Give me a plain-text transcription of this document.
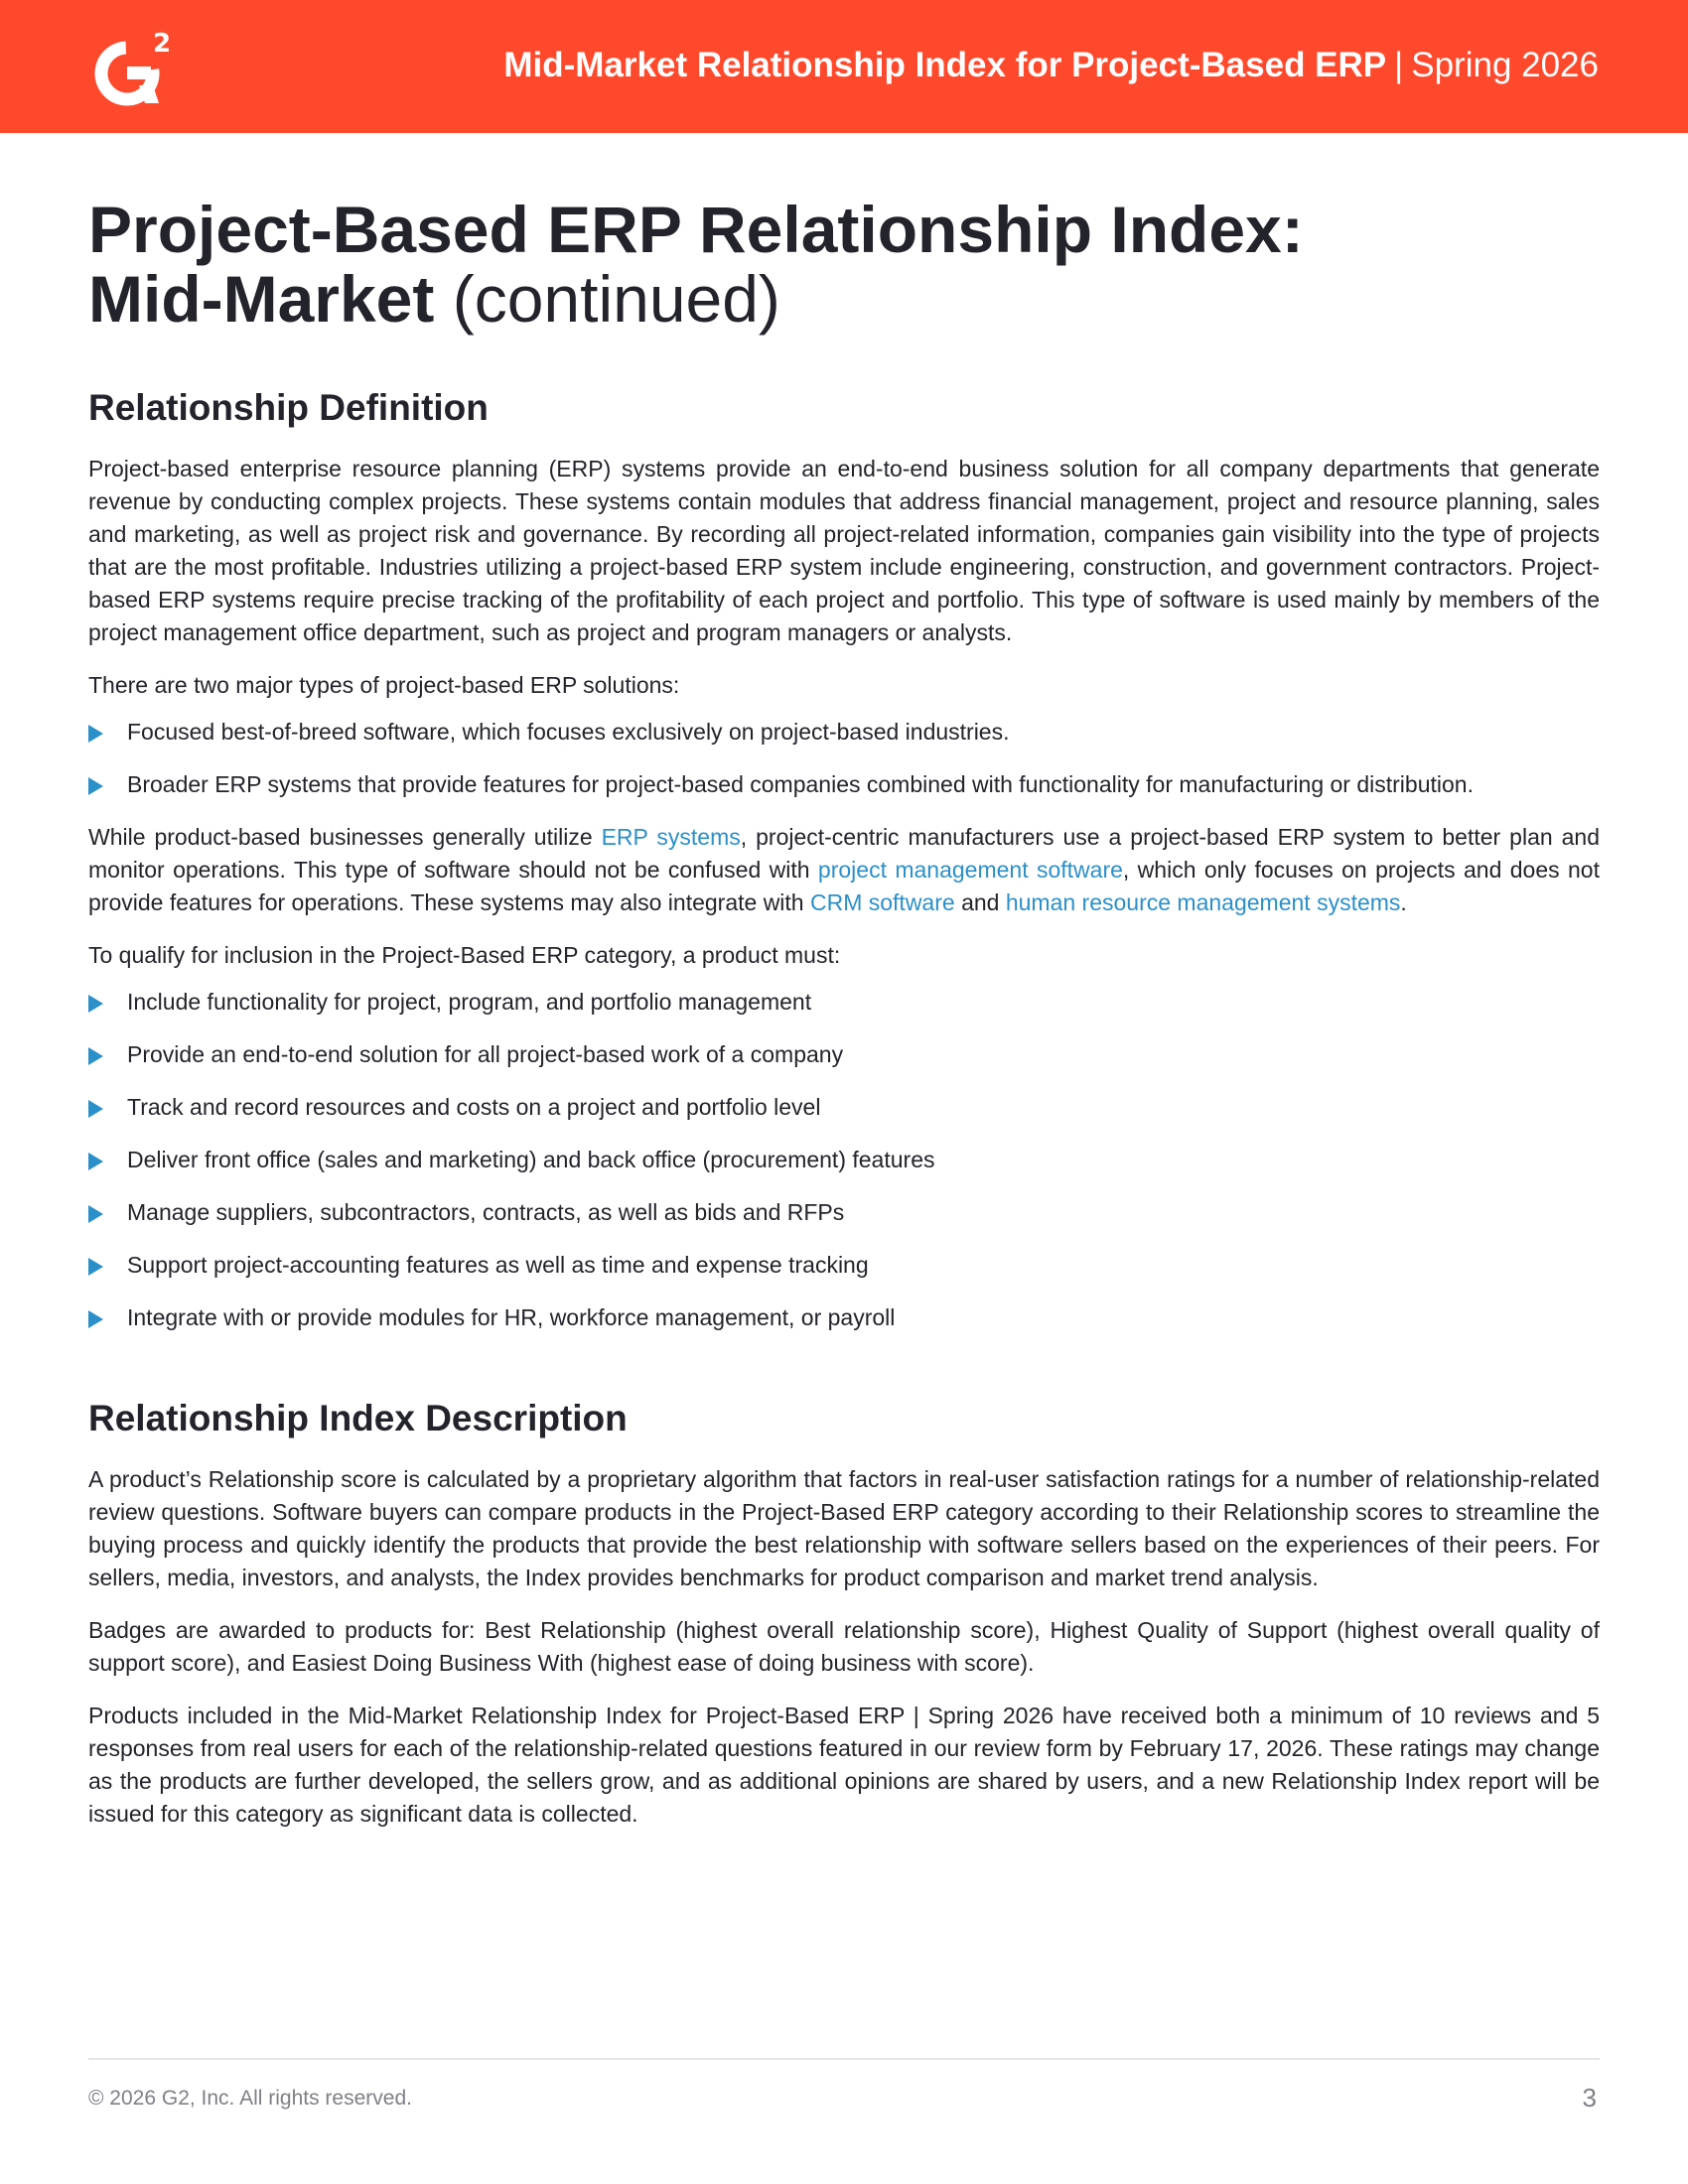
2
Mid-Market Relationship Index for Project-Based ERP | Spring 2026
Project-Based ERP Relationship Index:
Mid-Market (continued)
Relationship Definition

Project-based enterprise resource planning (ERP) systems provide an end-to-end business solution for all company departments that generate revenue by conducting complex projects. These systems contain modules that address financial management, project and resource planning, sales and marketing, as well as project risk and governance. By recording all project-related information, companies gain visibility into the type of projects that are the most profitable. Industries utilizing a project-based ERP system include engineering, construction, and government contractors. Project-based ERP systems require precise tracking of the profitability of each project and portfolio. This type of software is used mainly by members of the project management office department, such as project and program managers or analysts.

There are two major types of project-based ERP solutions:

Focused best-of-breed software, which focuses exclusively on project-based industries.
Broader ERP systems that provide features for project-based companies combined with functionality for manufacturing or distribution.

While product-based businesses generally utilize ERP systems, project-centric manufacturers use a project-based ERP system to better plan and monitor operations. This type of software should not be confused with project management software, which only focuses on projects and does not provide features for operations. These systems may also integrate with CRM software and human resource management systems.

To qualify for inclusion in the Project-Based ERP category, a product must:

Include functionality for project, program, and portfolio management
Provide an end-to-end solution for all project-based work of a company
Track and record resources and costs on a project and portfolio level
Deliver front office (sales and marketing) and back office (procurement) features
Manage suppliers, subcontractors, contracts, as well as bids and RFPs
Support project-accounting features as well as time and expense tracking
Integrate with or provide modules for HR, workforce management, or payroll
Relationship Index Description

A product’s Relationship score is calculated by a proprietary algorithm that factors in real-user satisfaction ratings for a number of relationship-related review questions. Software buyers can compare products in the Project-Based ERP category according to their Relationship scores to streamline the buying process and quickly identify the products that provide the best relationship with software sellers based on the experiences of their peers. For sellers, media, investors, and analysts, the Index provides benchmarks for product comparison and market trend analysis.

Badges are awarded to products for: Best Relationship (highest overall relationship score), Highest Quality of Support (highest overall quality of support score), and Easiest Doing Business With (highest ease of doing business with score).

Products included in the Mid-Market Relationship Index for Project-Based ERP | Spring 2026 have received both a minimum of 10 reviews and 5 responses from real users for each of the relationship-related questions featured in our review form by February 17, 2026. These ratings may change as the products are further developed, the sellers grow, and as additional opinions are shared by users, and a new Relationship Index report will be issued for this category as significant data is collected.

© 2026 G2, Inc. All rights reserved.	3
